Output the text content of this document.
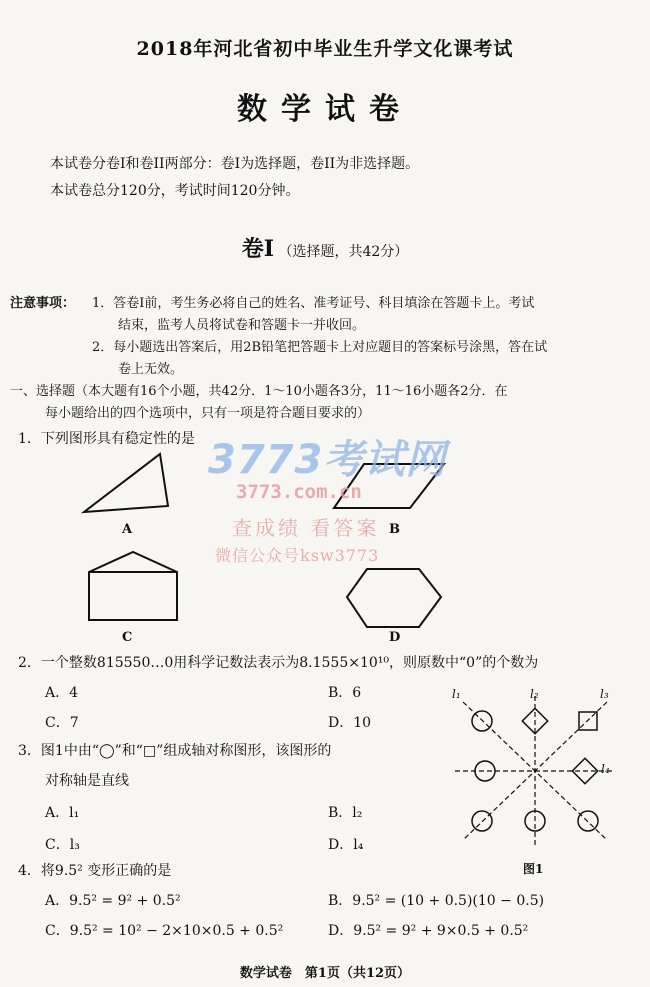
2018年河北省初中毕业生升学文化课考试
数学试卷
本试卷分卷I和卷II两部分：卷I为选择题，卷II为非选择题。
本试卷总分120分，考试时间120分钟。
卷I （选择题，共42分）
注意事项： 1．答卷I前，考生务必将自己的姓名、准考证号、科目填涂在答题卡上。考试
结束，监考人员将试卷和答题卡一并收回。
2．每小题选出答案后，用2B铅笔把答题卡上对应题目的答案标号涂黑，答在试
卷上无效。
一、选择题（本大题有16个小题，共42分．1～10小题各3分，11～16小题各2分．在
每小题给出的四个选项中，只有一项是符合题目要求的）
1．下列图形具有稳定性的是
A	B
C	D
3773考试网
3773.com.cn
查成绩 看答案
微信公众号ksw3773
2．一个整数815550…0用科学记数法表示为8.1555×10¹⁰，则原数中“0”的个数为
A．4	B．6
C．7	D．10
3．图1中由“◯”和“□”组成轴对称图形，该图形的
对称轴是直线
A．l₁	B．l₂
C．l₃	D．l₄
l₁	l₂	l₃
l₄
图1
4．将9.5² 变形正确的是
A．9.5² = 9² + 0.5²	B．9.5² = (10 + 0.5)(10 − 0.5)
C．9.5² = 10² − 2×10×0.5 + 0.5²	D．9.5² = 9² + 9×0.5 + 0.5²
数学试卷　第1页（共12页）
